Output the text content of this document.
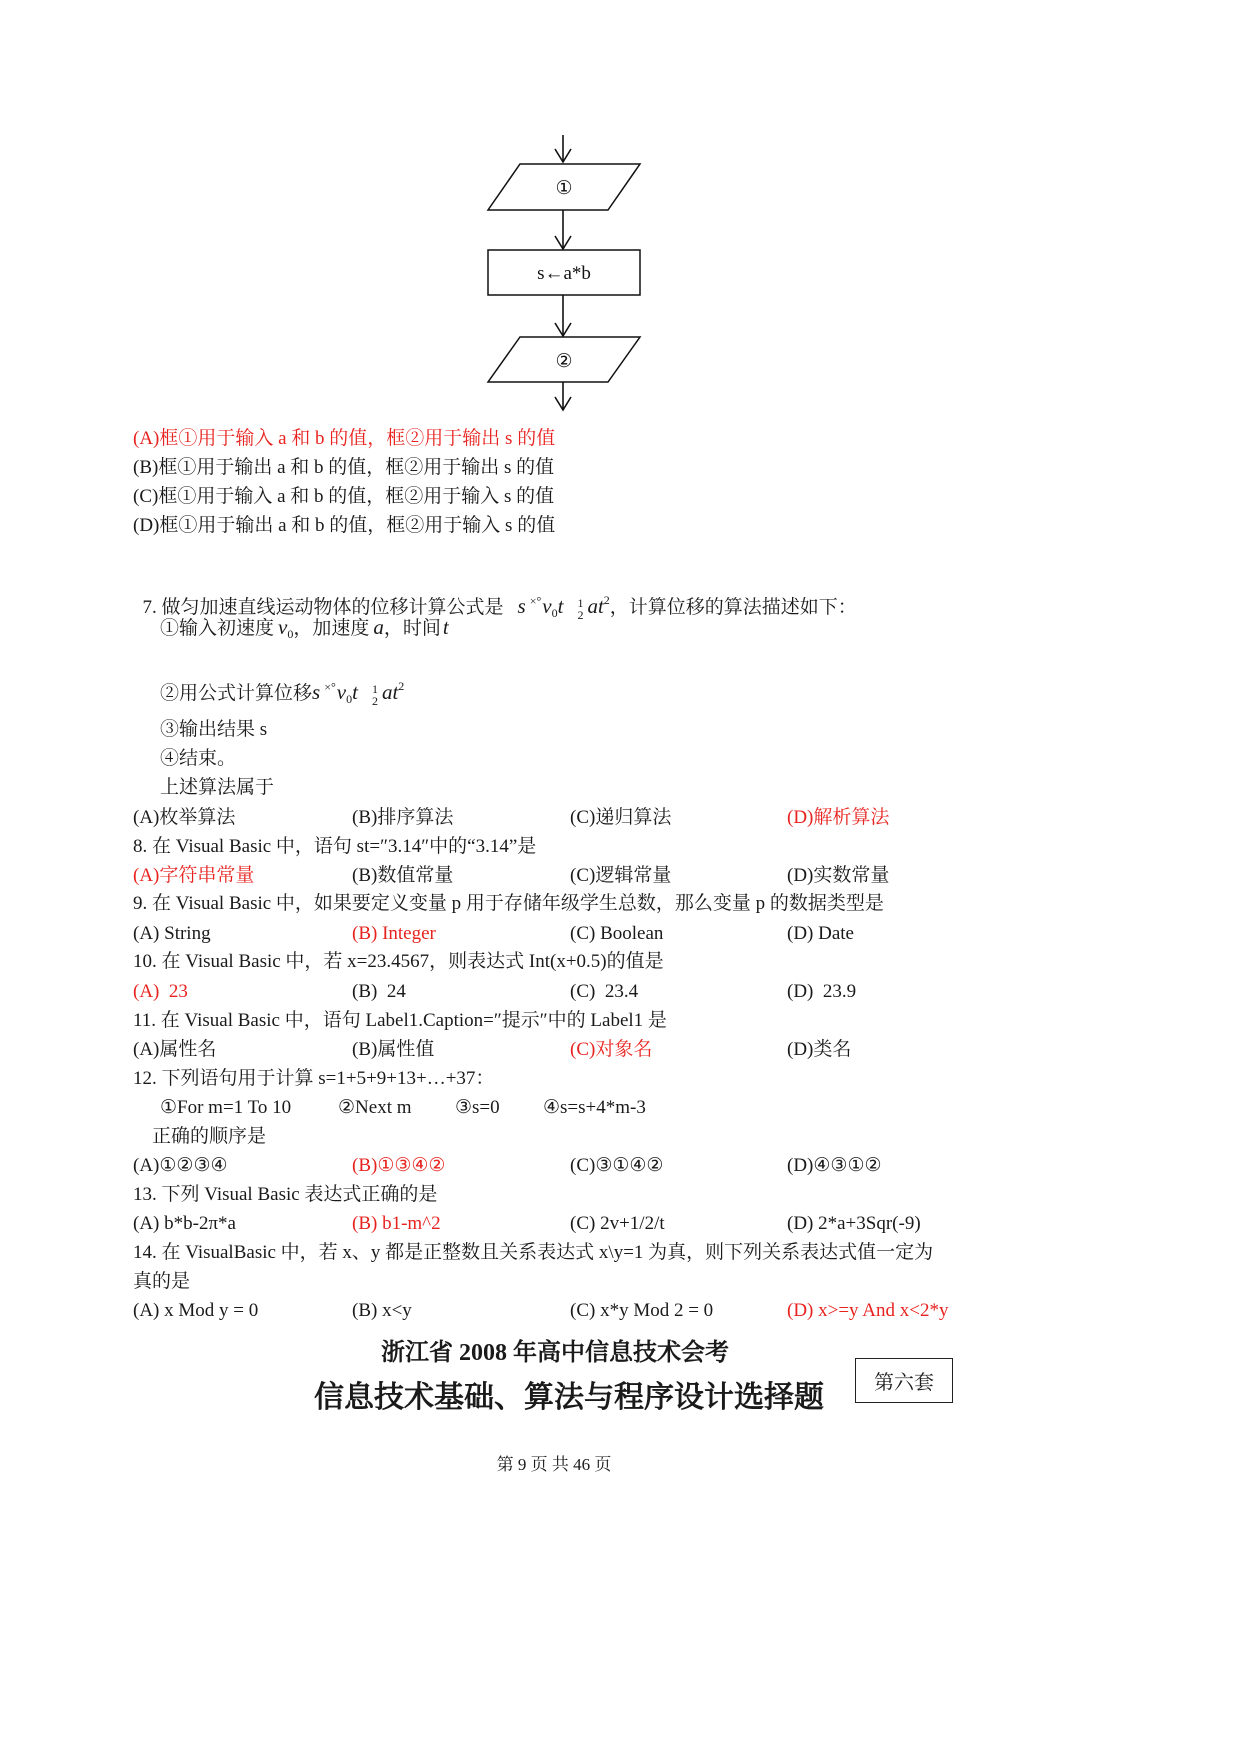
①
s←a*b
②
(A)框①用于输入 a 和 b 的值，框②用于输出 s 的值
(B)框①用于输出 a 和 b 的值，框②用于输出 s 的值
(C)框①用于输入 a 和 b 的值，框②用于输入 s 的值
(D)框①用于输出 a 和 b 的值，框②用于输入 s 的值

7. 做匀加速直线运动物体的位移计算公式是 s $^{\times^\circ}v_0t$ 1
2 $at^2$，计算位移的算法描述如下：

①输入初速度 $v_0$，加速度 a，时间t
②用公式计算位移s $^{\times^\circ}v_0t$ 1
2 $at^2$
③输出结果 s
④结束。
上述算法属于
(A)枚举算法	(B)排序算法	(C)递归算法	(D)解析算法
8. 在 Visual Basic 中，语句 st=″3.14″中的“3.14”是
(A)字符串常量	(B)数值常量	(C)逻辑常量	(D)实数常量
9. 在 Visual Basic 中，如果要定义变量 p 用于存储年级学生总数，那么变量 p 的数据类型是
(A) String	(B) Integer	(C) Boolean	(D) Date
10. 在 Visual Basic 中，若 x=23.4567，则表达式 Int(x+0.5)的值是
(A)  23	(B)  24	(C)  23.4	(D)  23.9
11. 在 Visual Basic 中，语句 Label1.Caption=″提示″中的 Label1 是
(A)属性名	(B)属性值	(C)对象名	(D)类名
12. 下列语句用于计算 s=1+5+9+13+…+37：
①For m=1 To 10 ②Next m ③s=0 ④s=s+4*m-3
正确的顺序是
(A)①②③④	(B)①③④②	(C)③①④②	(D)④③①②
13. 下列 Visual Basic 表达式正确的是
(A) b*b-2π*a	(B) b1-m^2	(C) 2v+1/2/t	(D) 2*a+3Sqr(-9)
14. 在 VisualBasic 中，若 x、y 都是正整数且关系表达式 x\y=1 为真，则下列关系表达式值一定为
真的是
(A) x Mod y = 0	(B) x<y	(C) x*y Mod 2 = 0	(D) x>=y And x<2*y
浙江省 2008 年高中信息技术会考
信息技术基础、算法与程序设计选择题	第六套
第 9 页 共 46 页
